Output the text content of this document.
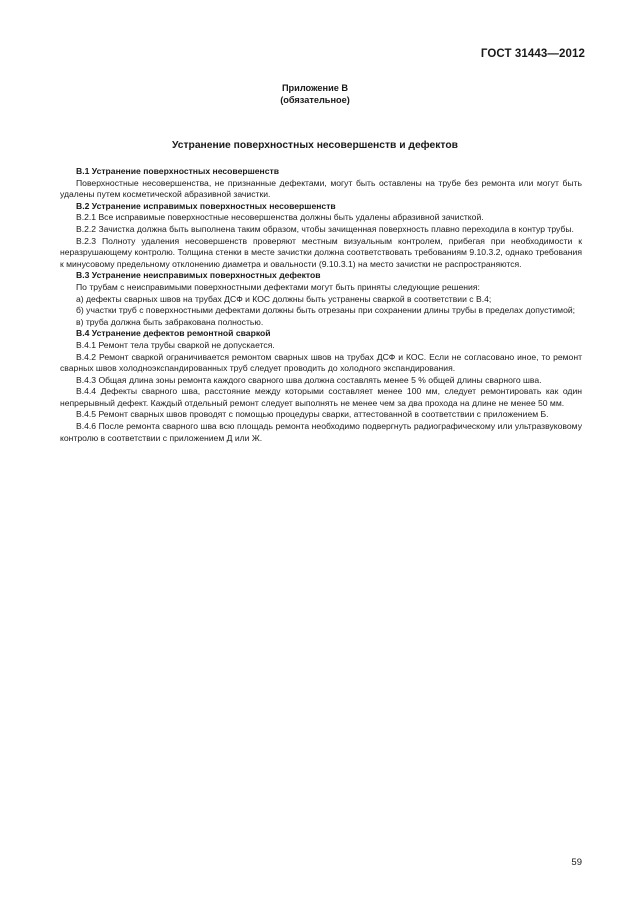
ГОСТ 31443—2012
Приложение В
(обязательное)
Устранение поверхностных несовершенств и дефектов

В.1 Устранение поверхностных несовершенств

Поверхностные несовершенства, не признанные дефектами, могут быть оставлены на трубе без ремонта или могут быть удалены путем косметической абразивной зачистки.

В.2 Устранение исправимых поверхностных несовершенств

В.2.1 Все исправимые поверхностные несовершенства должны быть удалены абразивной зачисткой.

В.2.2 Зачистка должна быть выполнена таким образом, чтобы зачищенная поверхность плавно переходила в контур трубы.

В.2.3 Полноту удаления несовершенств проверяют местным визуальным контролем, прибегая при необходимости к неразрушающему контролю. Толщина стенки в месте зачистки должна соответствовать требованиям 9.10.3.2, однако требования к минусовому предельному отклонению диаметра и овальности (9.10.3.1) на место зачистки не распространяются.

В.3 Устранение неисправимых поверхностных дефектов

По трубам с неисправимыми поверхностными дефектами могут быть приняты следующие решения:

а) дефекты сварных швов на трубах ДСФ и КОС должны быть устранены сваркой в соответствии с В.4;

б) участки труб с поверхностными дефектами должны быть отрезаны при сохранении длины трубы в пределах допустимой;

в) труба должна быть забракована полностью.

В.4 Устранение дефектов ремонтной сваркой

В.4.1 Ремонт тела трубы сваркой не допускается.

В.4.2 Ремонт сваркой ограничивается ремонтом сварных швов на трубах ДСФ и КОС. Если не согласовано иное, то ремонт сварных швов холодноэкспандированных труб следует проводить до холодного экспандирования.

В.4.3 Общая длина зоны ремонта каждого сварного шва должна составлять менее 5 % общей длины сварного шва.

В.4.4 Дефекты сварного шва, расстояние между которыми составляет менее 100 мм, следует ремонтировать как один непрерывный дефект. Каждый отдельный ремонт следует выполнять не менее чем за два прохода на длине не менее 50 мм.

В.4.5 Ремонт сварных швов проводят с помощью процедуры сварки, аттестованной в соответствии с приложением Б.

В.4.6 После ремонта сварного шва всю площадь ремонта необходимо подвергнуть радиографическому или ультразвуковому контролю в соответствии с приложением Д или Ж.

59
